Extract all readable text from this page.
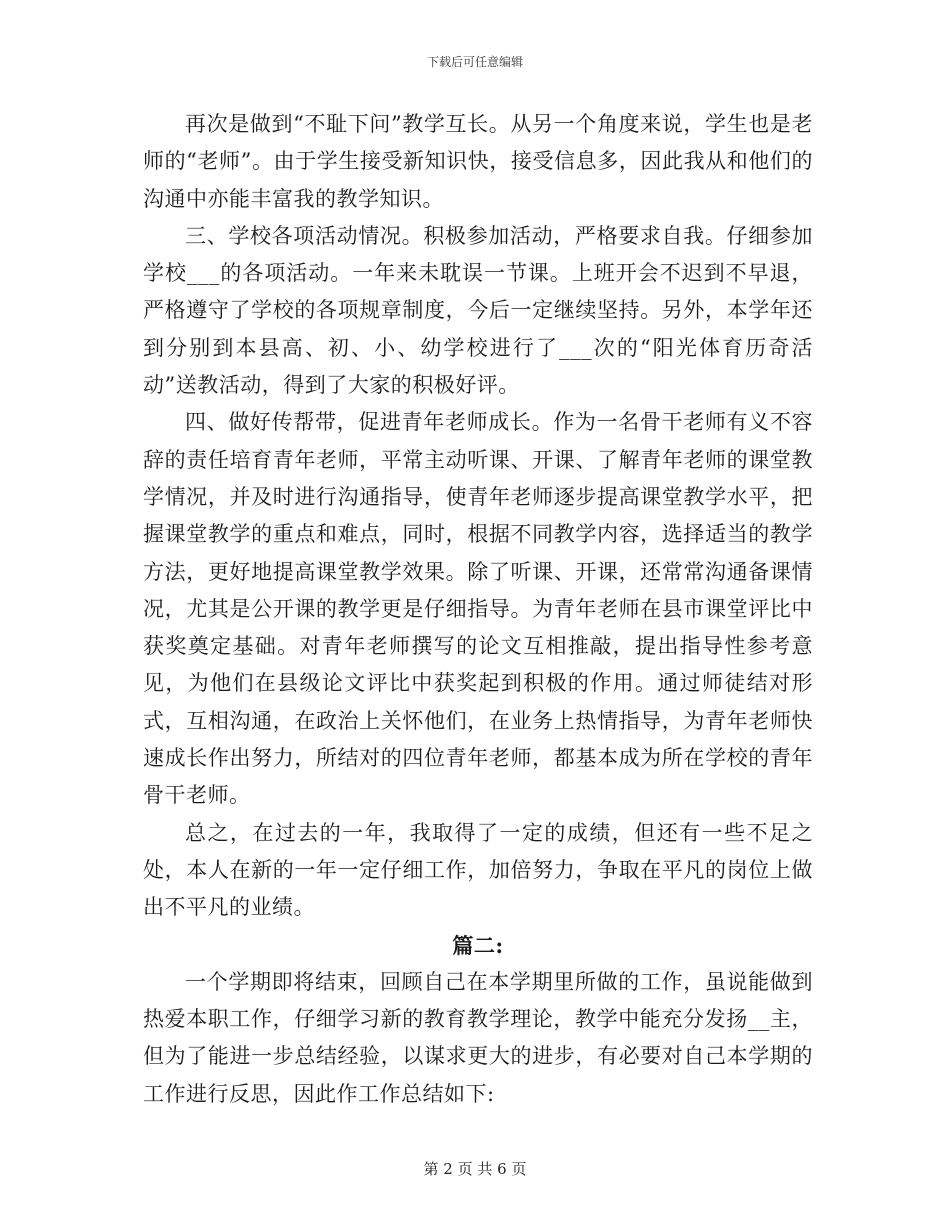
下载后可任意编辑

再次是做到“不耻下问”教学互长。从另一个角度来说，学生也是老师的“老师”。由于学生接受新知识快，接受信息多，因此我从和他们的沟通中亦能丰富我的教学知识。

三、学校各项活动情况。积极参加活动，严格要求自我。仔细参加学校___的各项活动。一年来未耽误一节课。上班开会不迟到不早退，严格遵守了学校的各项规章制度，今后一定继续坚持。另外，本学年还到分别到本县高、初、小、幼学校进行了___次的“阳光体育历奇活动”送教活动，得到了大家的积极好评。

四、做好传帮带，促进青年老师成长。作为一名骨干老师有义不容辞的责任培育青年老师，平常主动听课、开课、了解青年老师的课堂教学情况，并及时进行沟通指导，使青年老师逐步提高课堂教学水平，把握课堂教学的重点和难点，同时，根据不同教学内容，选择适当的教学方法，更好地提高课堂教学效果。除了听课、开课，还常常沟通备课情况，尤其是公开课的教学更是仔细指导。为青年老师在县市课堂评比中获奖奠定基础。对青年老师撰写的论文互相推敲，提出指导性参考意见，为他们在县级论文评比中获奖起到积极的作用。通过师徒结对形式，互相沟通，在政治上关怀他们，在业务上热情指导，为青年老师快速成长作出努力，所结对的四位青年老师，都基本成为所在学校的青年骨干老师。

总之，在过去的一年，我取得了一定的成绩，但还有一些不足之处，本人在新的一年一定仔细工作，加倍努力，争取在平凡的岗位上做出不平凡的业绩。

篇二:

一个学期即将结束，回顾自己在本学期里所做的工作，虽说能做到热爱本职工作，仔细学习新的教育教学理论，教学中能充分发扬__主，但为了能进一步总结经验，以谋求更大的进步，有必要对自己本学期的工作进行反思，因此作工作总结如下:

第 2 页 共 6 页
